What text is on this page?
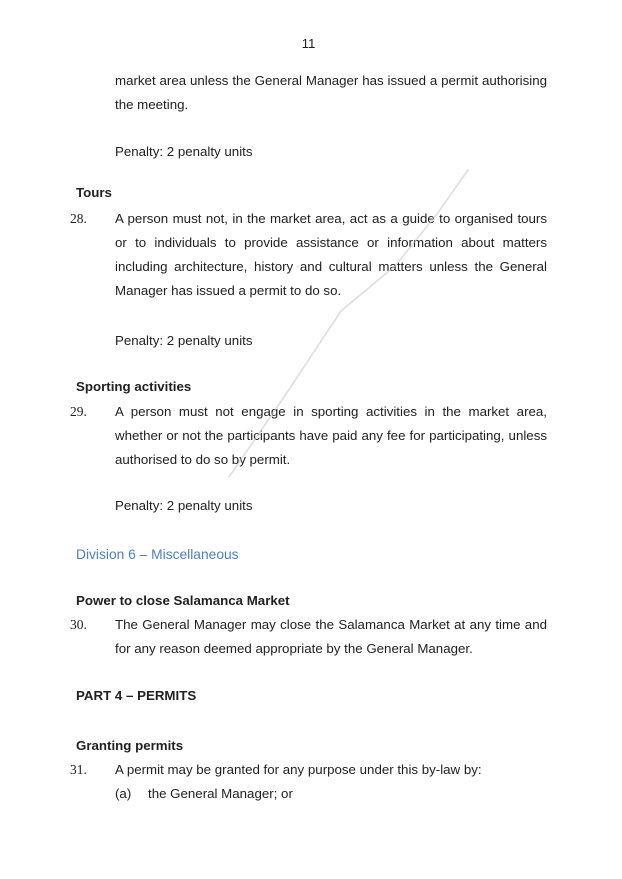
11
market area unless the General Manager has issued a permit authorising the meeting.
Penalty: 2 penalty units
Tours
28.	A person must not, in the market area, act as a guide to organised tours or to individuals to provide assistance or information about matters including architecture, history and cultural matters unless the General Manager has issued a permit to do so.
Penalty: 2 penalty units
Sporting activities
29.	A person must not engage in sporting activities in the market area, whether or not the participants have paid any fee for participating, unless authorised to do so by permit.
Penalty: 2 penalty units
Division 6 – Miscellaneous
Power to close Salamanca Market
30.	The General Manager may close the Salamanca Market at any time and for any reason deemed appropriate by the General Manager.
PART 4 – PERMITS
Granting permits
31.	A permit may be granted for any purpose under this by-law by:
(a)	the General Manager; or
